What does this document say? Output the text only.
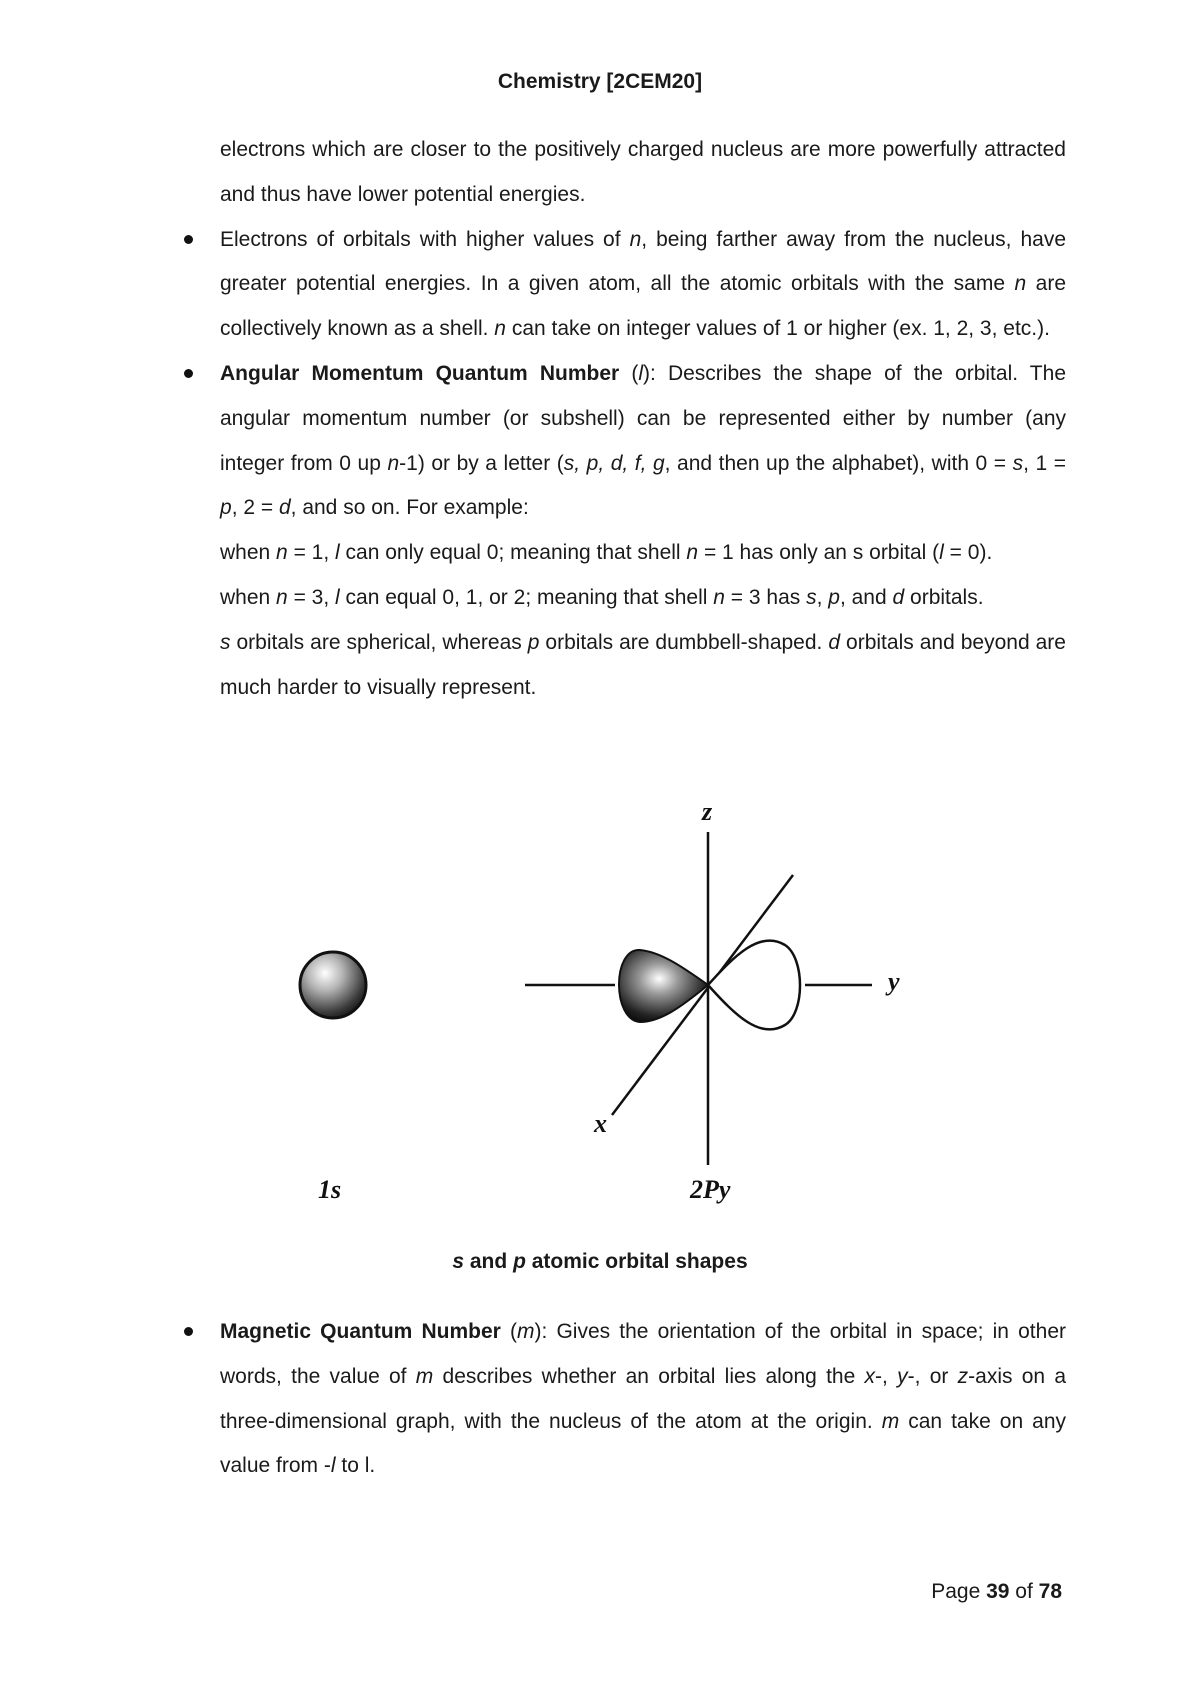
Chemistry [2CEM20]

electrons which are closer to the positively charged nucleus are more powerfully attracted and thus have lower potential energies.

Electrons of orbitals with higher values of n, being farther away from the nucleus, have greater potential energies. In a given atom, all the atomic orbitals with the same n are collectively known as a shell. n can take on integer values of 1 or higher (ex. 1, 2, 3, etc.).

Angular Momentum Quantum Number (l): Describes the shape of the orbital. The angular momentum number (or subshell) can be represented either by number (any integer from 0 up n-1) or by a letter (s, p, d, f, g, and then up the alphabet), with 0 = s, 1 = p, 2 = d, and so on. For example:

when n = 1, l can only equal 0; meaning that shell n = 1 has only an s orbital (l = 0).

when n = 3, l can equal 0, 1, or 2; meaning that shell n = 3 has s, p, and d orbitals.

s orbitals are spherical, whereas p orbitals are dumbbell-shaped. d orbitals and beyond are much harder to visually represent.

z
y
x
1s	2Py
s and p atomic orbital shapes

Magnetic Quantum Number (m): Gives the orientation of the orbital in space; in other words, the value of m describes whether an orbital lies along the x-, y-, or z-axis on a three-dimensional graph, with the nucleus of the atom at the origin. m can take on any value from -l to l.

Page 39 of 78
